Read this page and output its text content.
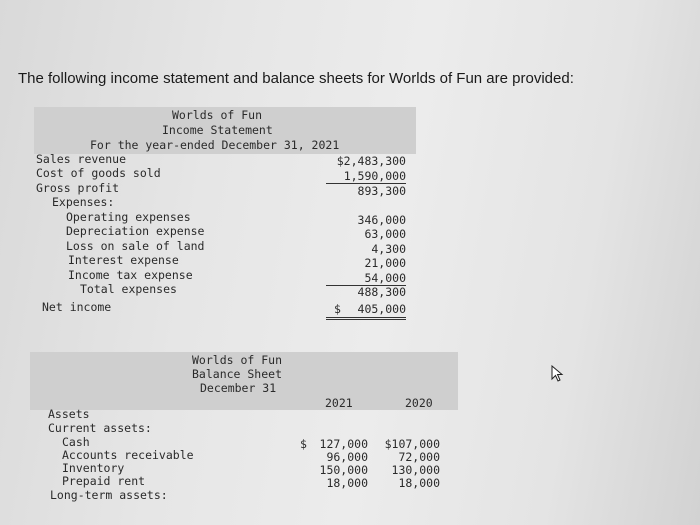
The following income statement and balance sheets for Worlds of Fun are provided:
Worlds of Fun
Income Statement
For the year-ended December 31, 2021
Sales revenue	$2,483,300
Cost of goods sold	1,590,000
Gross profit	893,300
Expenses:
Operating expenses	346,000
Depreciation expense	63,000
Loss on sale of land	4,300
Interest expense	21,000
Income tax expense	54,000
Total expenses	488,300
Net income	$	405,000
Worlds of Fun
Balance Sheet
December 31
2021	2020
Assets
Current assets:
Cash	$	127,000	$107,000
Accounts receivable	96,000	72,000
Inventory	150,000	130,000
Prepaid rent	18,000	18,000
Long-term assets:
